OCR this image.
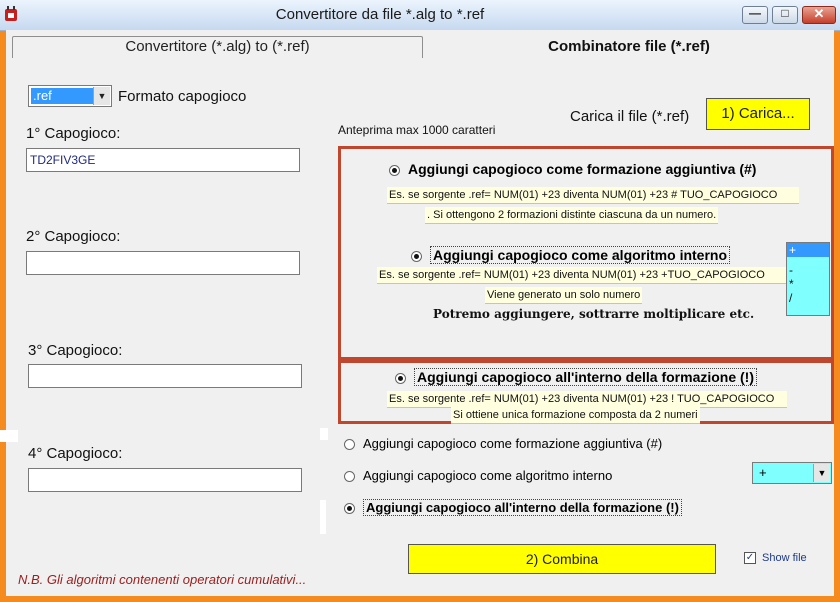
Convertitore da file *.alg to *.ref	—	□	✕
Convertitore (*.alg) to (*.ref)	Combinatore file (*.ref)
.ref	▼ Formato capogioco
1° Capogioco:
TD2FIV3GE
2° Capogioco:
3° Capogioco:
4° Capogioco:
Anteprima max 1000 caratteri
Carica il file (*.ref)	1) Carica...
Aggiungi capogioco come formazione aggiuntiva (#)
Es. se sorgente .ref= NUM(01) +23 diventa NUM(01) +23 # TUO_CAPOGIOCO
. Si ottengono 2 formazioni distinte ciascuna da un numero.
Aggiungi capogioco come algoritmo interno
Es. se sorgente .ref= NUM(01) +23 diventa NUM(01) +23 +TUO_CAPOGIOCO
Viene generato un solo numero
Potremo aggiungere, sottrarre moltiplicare etc.
+
-
*
/
Aggiungi capogioco all'interno della formazione (!)
Es. se sorgente .ref= NUM(01) +23 diventa NUM(01) +23 ! TUO_CAPOGIOCO
Si ottiene unica formazione composta da 2 numeri
Aggiungi capogioco come formazione aggiuntiva (#)
Aggiungi capogioco come algoritmo interno	+	▼
Aggiungi capogioco all'interno della formazione (!)
2) Combina	✓ Show file
N.B. Gli algoritmi contenenti operatori cumulativi...
